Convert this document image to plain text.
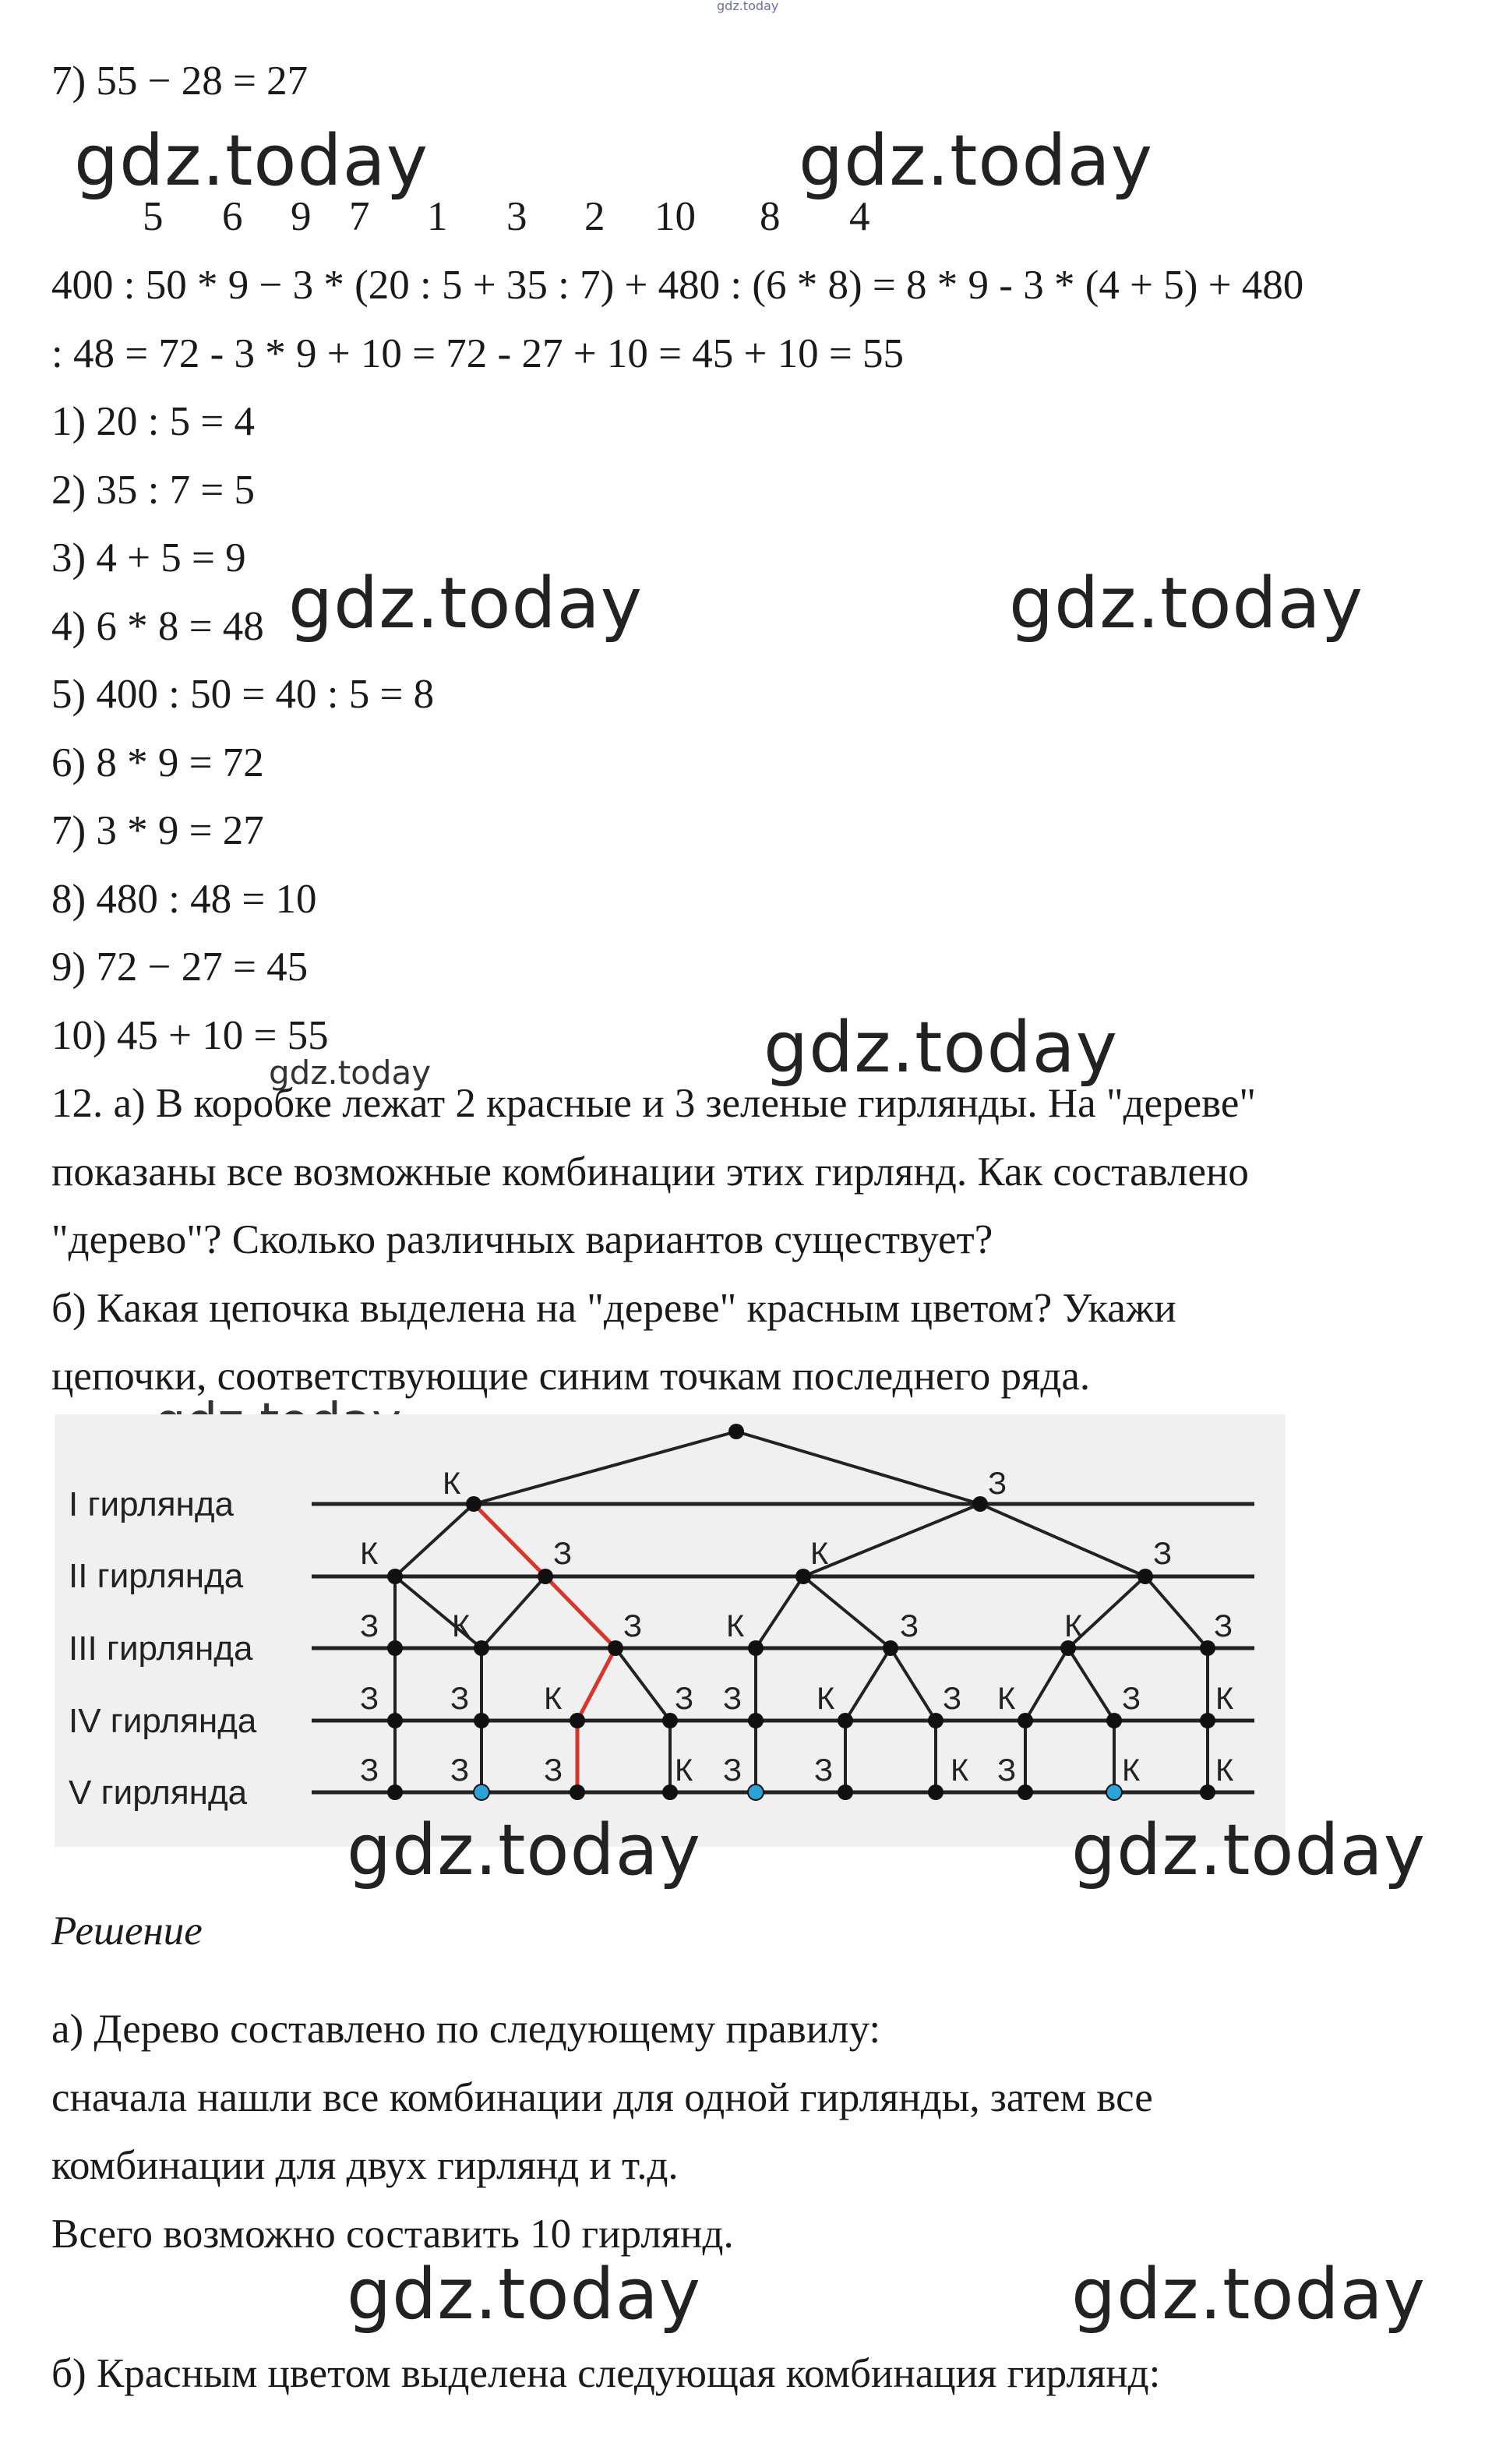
gdz.today
7) 55 − 28 = 27
gdz.today	gdz.today
5 6 9 7 1 3 2 10 8 4
400 : 50 * 9 − 3 * (20 : 5 + 35 : 7) + 480 : (6 * 8) = 8 * 9 - 3 * (4 + 5) + 480
: 48 = 72 - 3 * 9 + 10 = 72 - 27 + 10 = 45 + 10 = 55
1) 20 : 5 = 4
2) 35 : 7 = 5
3) 4 + 5 = 9
4) 6 * 8 = 48 gdz.today	gdz.today
5) 400 : 50 = 40 : 5 = 8
6) 8 * 9 = 72
7) 3 * 9 = 27
8) 480 : 48 = 10
9) 72 − 27 = 45
10) 45 + 10 = 55
gdz.today	gdz.today
12. а) В коробке лежат 2 красные и 3 зеленые гирлянды. На "дереве"
показаны все возможные комбинации этих гирлянд. Как составлено
"дерево"? Сколько различных вариантов существует?
б) Какая цепочка выделена на "дереве" красным цветом? Укажи
цепочки, соответствующие синим точкам последнего ряда.
I гирлянда
II гирлянда
III гирлянда
IV гирлянда
V гирлянда
К	З
К	З	К	З
З К	З	К	З	К	З
З З К	З З К	З К	З К
З З З	К З З	К З	К К
gdz.today	gdz.today
Решение
а) Дерево составлено по следующему правилу:
сначала нашли все комбинации для одной гирлянды, затем все
комбинации для двух гирлянд и т.д.
Всего возможно составить 10 гирлянд.
gdz.today	gdz.today
б) Красным цветом выделена следующая комбинация гирлянд:
